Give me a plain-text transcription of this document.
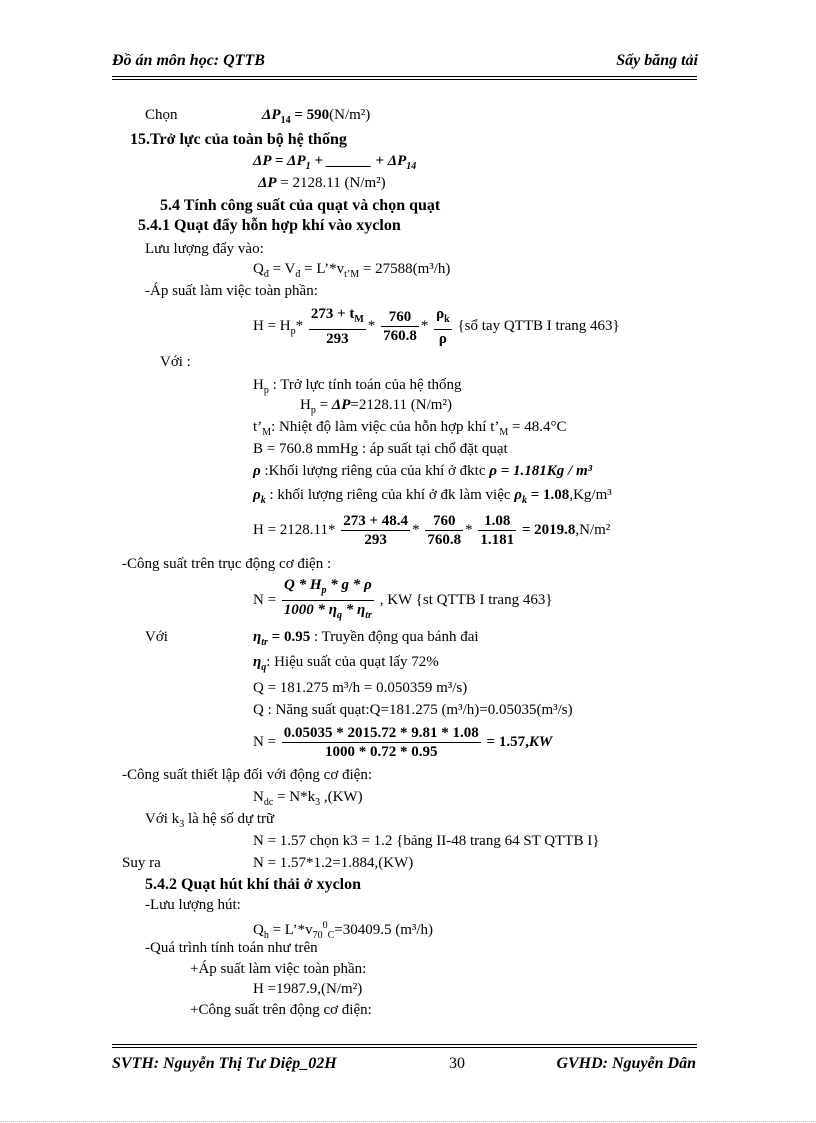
Đồ án môn học: QTTB	Sấy băng tải
Chọn	$\Delta P_{14} = 590(N/m^2)$
15.Trở lực của toàn bộ hệ thống
$\Delta P = \Delta P_1$ + ______ + $\Delta P_{14}$
ΔP = 2128.11 (N/m²)
5.4 Tính công suất của quạt và chọn quạt
5.4.1 Quạt đẩy hỗn hợp khí vào xyclon
Lưu lượng đẩy vào:
$Q_đ = V_đ$ = $L’*v_{t’M} = 27588(m^3/h)$
-Áp suất làm việc toàn phần:
$H = H_p* \frac{273 + t_M}{293} * \frac{760}{760.8} * \frac{\rho_k}{\rho}$ {sổ tay QTTB I trang 463}
Với :
$H_p$ : Trở lực tính toán của hệ thống
$H_p = \Delta P=2128.11$ (N/m²)
$t’_M$: Nhiệt độ làm việc của hỗn hợp khí $t’_M = 48.4^\circ C$
B = 760.8 mmHg : áp suất tại chổ đặt quạt
ρ :Khối lượng riêng của của khí ở đktc ρ = 1.181Kg / m³
$\rho_k$ : khối lượng riêng của khí ở đk làm việc $\rho_k = 1.08,Kg/m^3$
$H = 2128.11* \frac{273 + 48.4}{293} * \frac{760}{760.8} * \frac{1.08}{1.181} = 2019.8,N/m^2$
-Công suất trên trục động cơ điện :
$N = \frac{Q * H_p * g * \rho}{1000 * \eta_q * \eta_{tr}}$ , KW {st QTTB I trang 463}
Với	$\eta_{tr} = 0.95$ : Truyền động qua bánh đai
$\eta_q$: Hiệu suất của quạt lấy 72%
Q = 181.275 m³/h = 0.050359 m³/s)
Q : Năng suất quạt:Q=181.275 (m³/h)=0.05035(m³/s)
$N = \frac{0.05035 * 2015.72 * 9.81 * 1.08}{1000 * 0.72 * 0.95} = 1.57,KW$
-Công suất thiết lập đối với động cơ điện:
$N_{dc} = N*k_3$ ,(KW)
Với $k_3$ là hệ số dự trữ
N = 1.57 chọn k3 = 1.2 {bảng II-48 trang 64 ST QTTB I}
Suy ra	N = 1.57*1.2=1.884,(KW)
5.4.2 Quạt hút khí thải ở xyclon
-Lưu lượng hút:
$Q_h$ = $L’*v_{70}^0_C=30409.5$ (m³/h)
-Quá trình tính toán như trên
+Áp suất làm việc toàn phần:
H =1987.9,(N/m²)
+Công suất trên động cơ điện:
SVTH: Nguyễn Thị Tư Diệp_02H	30	GVHD: Nguyễn Dân
